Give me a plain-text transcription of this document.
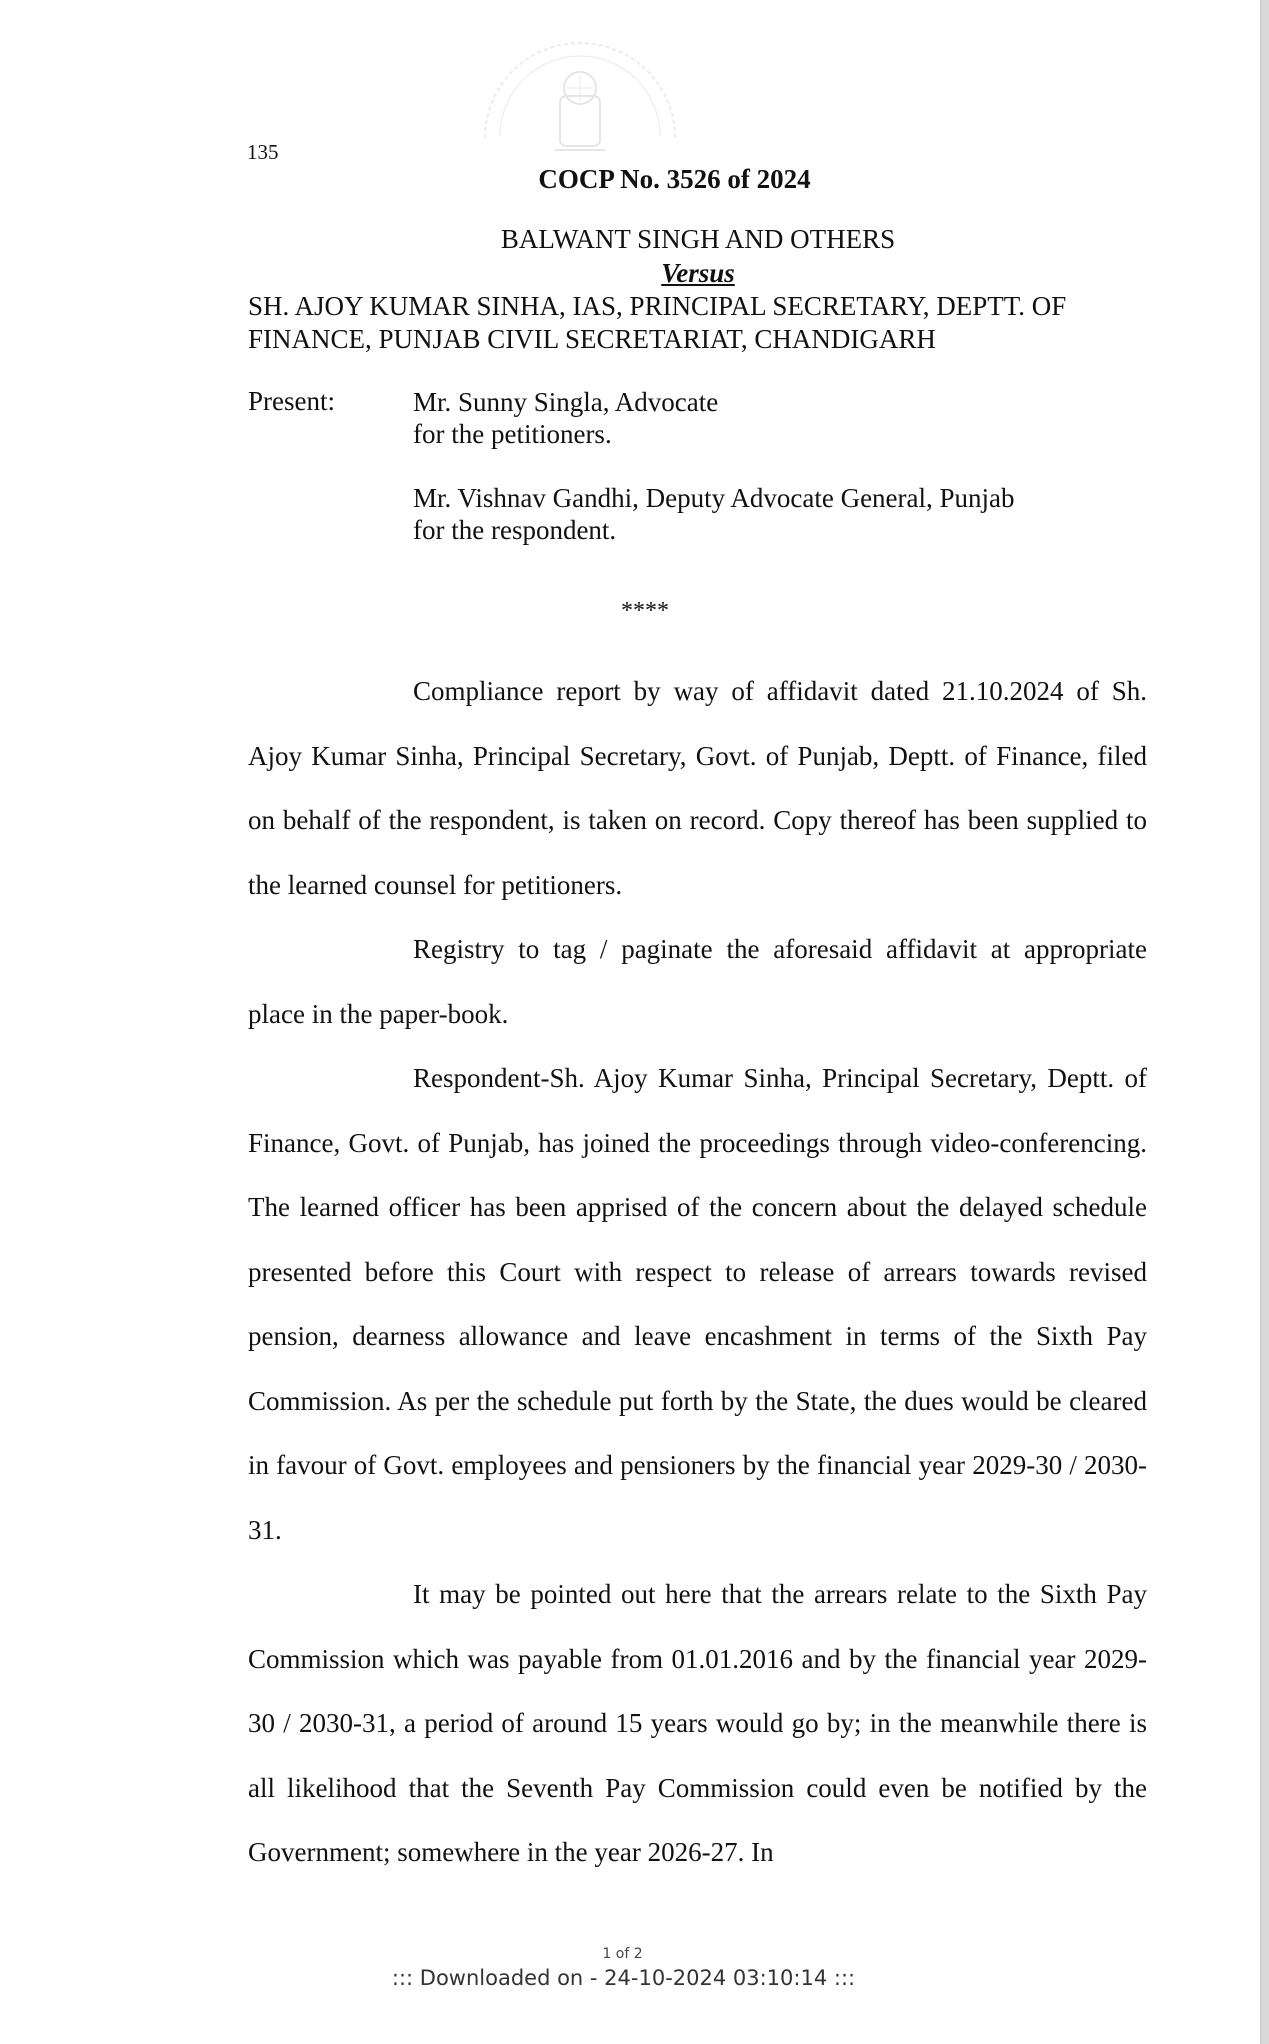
135
COCP No. 3526 of 2024
BALWANT SINGH AND OTHERS
Versus
SH. AJOY KUMAR SINHA, IAS, PRINCIPAL SECRETARY, DEPTT. OF FINANCE, PUNJAB CIVIL SECRETARIAT, CHANDIGARH
Present:	Mr. Sunny Singla, Advocate
for the petitioners.
Mr. Vishnav Gandhi, Deputy Advocate General, Punjab
for the respondent.
****

Compliance report by way of affidavit dated 21.10.2024 of Sh. Ajoy Kumar Sinha, Principal Secretary, Govt. of Punjab, Deptt. of Finance, filed on behalf of the respondent, is taken on record. Copy thereof has been supplied to the learned counsel for petitioners.

Registry to tag / paginate the aforesaid affidavit at appropriate place in the paper-book.

Respondent-Sh. Ajoy Kumar Sinha, Principal Secretary, Deptt. of Finance, Govt. of Punjab, has joined the proceedings through video-conferencing. The learned officer has been apprised of the concern about the delayed schedule presented before this Court with respect to release of arrears towards revised pension, dearness allowance and leave encashment in terms of the Sixth Pay Commission. As per the schedule put forth by the State, the dues would be cleared in favour of Govt. employees and pensioners by the financial year 2029-30 / 2030-31.

It may be pointed out here that the arrears relate to the Sixth Pay Commission which was payable from 01.01.2016 and by the financial year 2029-30 / 2030-31, a period of around 15 years would go by; in the meanwhile there is all likelihood that the Seventh Pay Commission could even be notified by the Government; somewhere in the year 2026-27. In

1 of 2
::: Downloaded on - 24-10-2024 03:10:14 :::
